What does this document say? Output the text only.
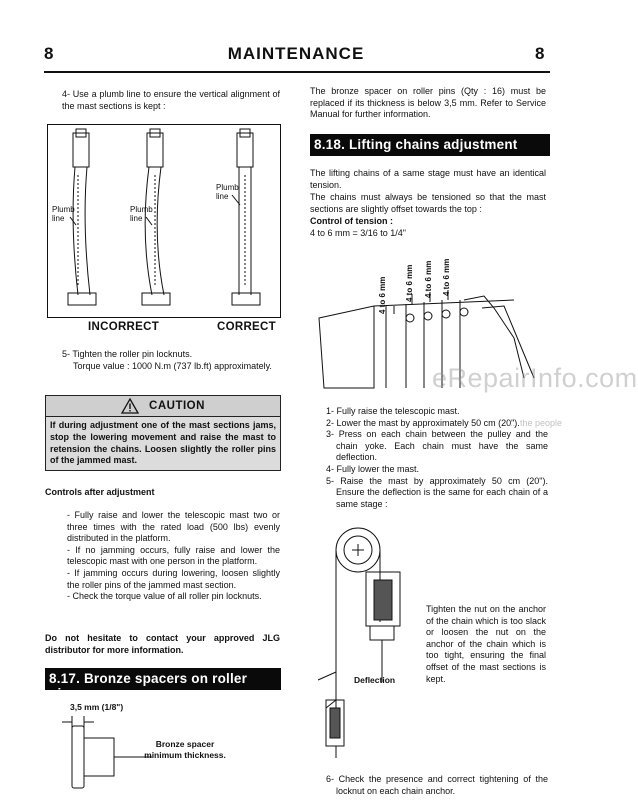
8	MAINTENANCE	8
4- Use a plumb line to ensure the vertical alignment of the mast sections is kept :
Plumb line
Plumb line
Plumb line
INCORRECT	CORRECT
5- Tighten the roller pin locknuts.
Torque value : 1000 N.m (737 lb.ft) approximately.
CAUTION
If during adjustment one of the mast sections jams, stop the lowering movement and raise the mast to retension the chains. Loosen slightly the roller pins of the jammed mast.
Controls after adjustment
- Fully raise and lower the telescopic mast two or three times with the rated load (500 lbs) evenly distributed in the platform.
- If no jamming occurs, fully raise and lower the telescopic mast with one person in the platform.
- If jamming occurs during lowering, loosen slightly the roller pins of the jammed mast section.
- Check the torque value of all roller pin locknuts.
Do not hesitate to contact your approved JLG distributor for more information.
8.17. Bronze spacers on roller pins
3,5 mm (1/8")
Bronze spacer minimum thickness.
The bronze spacer on roller pins (Qty : 16) must be replaced if its thickness is below 3,5 mm. Refer to Service Manual for further information.
8.18. Lifting chains adjustment
The lifting chains of a same stage must have an identical tension.
The chains must always be tensioned so that the mast sections are slightly offset towards the top :
Control of tension :
4 to 6 mm = 3/16 to 1/4"
4 to 6 mm 4 to 6 mm 4 to 6 mm 4 to 6 mm
eRepairInfo.com
... the people
1- Fully raise the telescopic mast.
2- Lower the mast by approximately 50 cm (20").
3- Press on each chain between the pulley and the chain yoke. Each chain must have the same deflection.
4- Fully lower the mast.
5- Raise the mast by approximately 50 cm (20"). Ensure the deflection is the same for each chain of a same stage :
Deflection
Tighten the nut on the anchor of the chain which is too slack or loosen the nut on the anchor of the chain which is too tight, ensuring the final offset of the mast sections is kept.
6- Check the presence and correct tightening of the locknut on each chain anchor.
